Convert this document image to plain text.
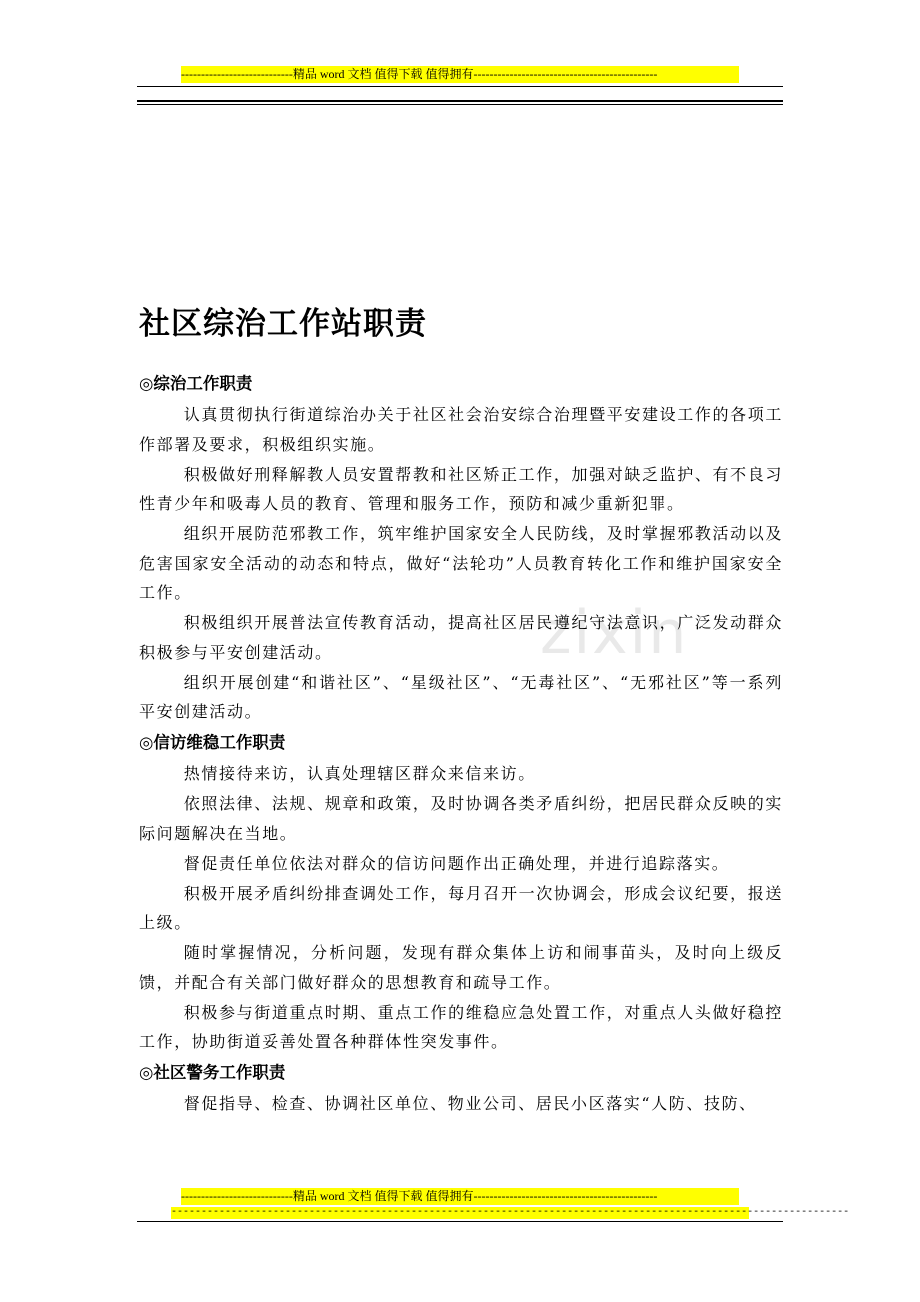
----------------------------精品 word 文档 值得下载 值得拥有----------------------------------------------
zixin
社区综治工作站职责

◎综治工作职责

认真贯彻执行街道综治办关于社区社会治安综合治理暨平安建设工作的各项工作部署及要求，积极组织实施。

积极做好刑释解教人员安置帮教和社区矫正工作，加强对缺乏监护、有不良习性青少年和吸毒人员的教育、管理和服务工作，预防和减少重新犯罪。

组织开展防范邪教工作，筑牢维护国家安全人民防线，及时掌握邪教活动以及危害国家安全活动的动态和特点，做好“法轮功”人员教育转化工作和维护国家安全工作。

积极组织开展普法宣传教育活动，提高社区居民遵纪守法意识，广泛发动群众积极参与平安创建活动。

组织开展创建“和谐社区”、“星级社区”、“无毒社区”、“无邪社区”等一系列平安创建活动。

◎信访维稳工作职责

热情接待来访，认真处理辖区群众来信来访。

依照法律、法规、规章和政策，及时协调各类矛盾纠纷，把居民群众反映的实际问题解决在当地。

督促责任单位依法对群众的信访问题作出正确处理，并进行追踪落实。

积极开展矛盾纠纷排查调处工作，每月召开一次协调会，形成会议纪要，报送上级。

随时掌握情况，分析问题，发现有群众集体上访和闹事苗头，及时向上级反馈，并配合有关部门做好群众的思想教育和疏导工作。

积极参与街道重点时期、重点工作的维稳应急处置工作，对重点人头做好稳控工作，协助街道妥善处置各种群体性突发事件。

◎社区警务工作职责

督促指导、检查、协调社区单位、物业公司、居民小区落实“人防、技防、

----------------------------精品 word 文档 值得下载 值得拥有----------------------------------------------
-----------------------------------------------------------------------------------------------------------------
